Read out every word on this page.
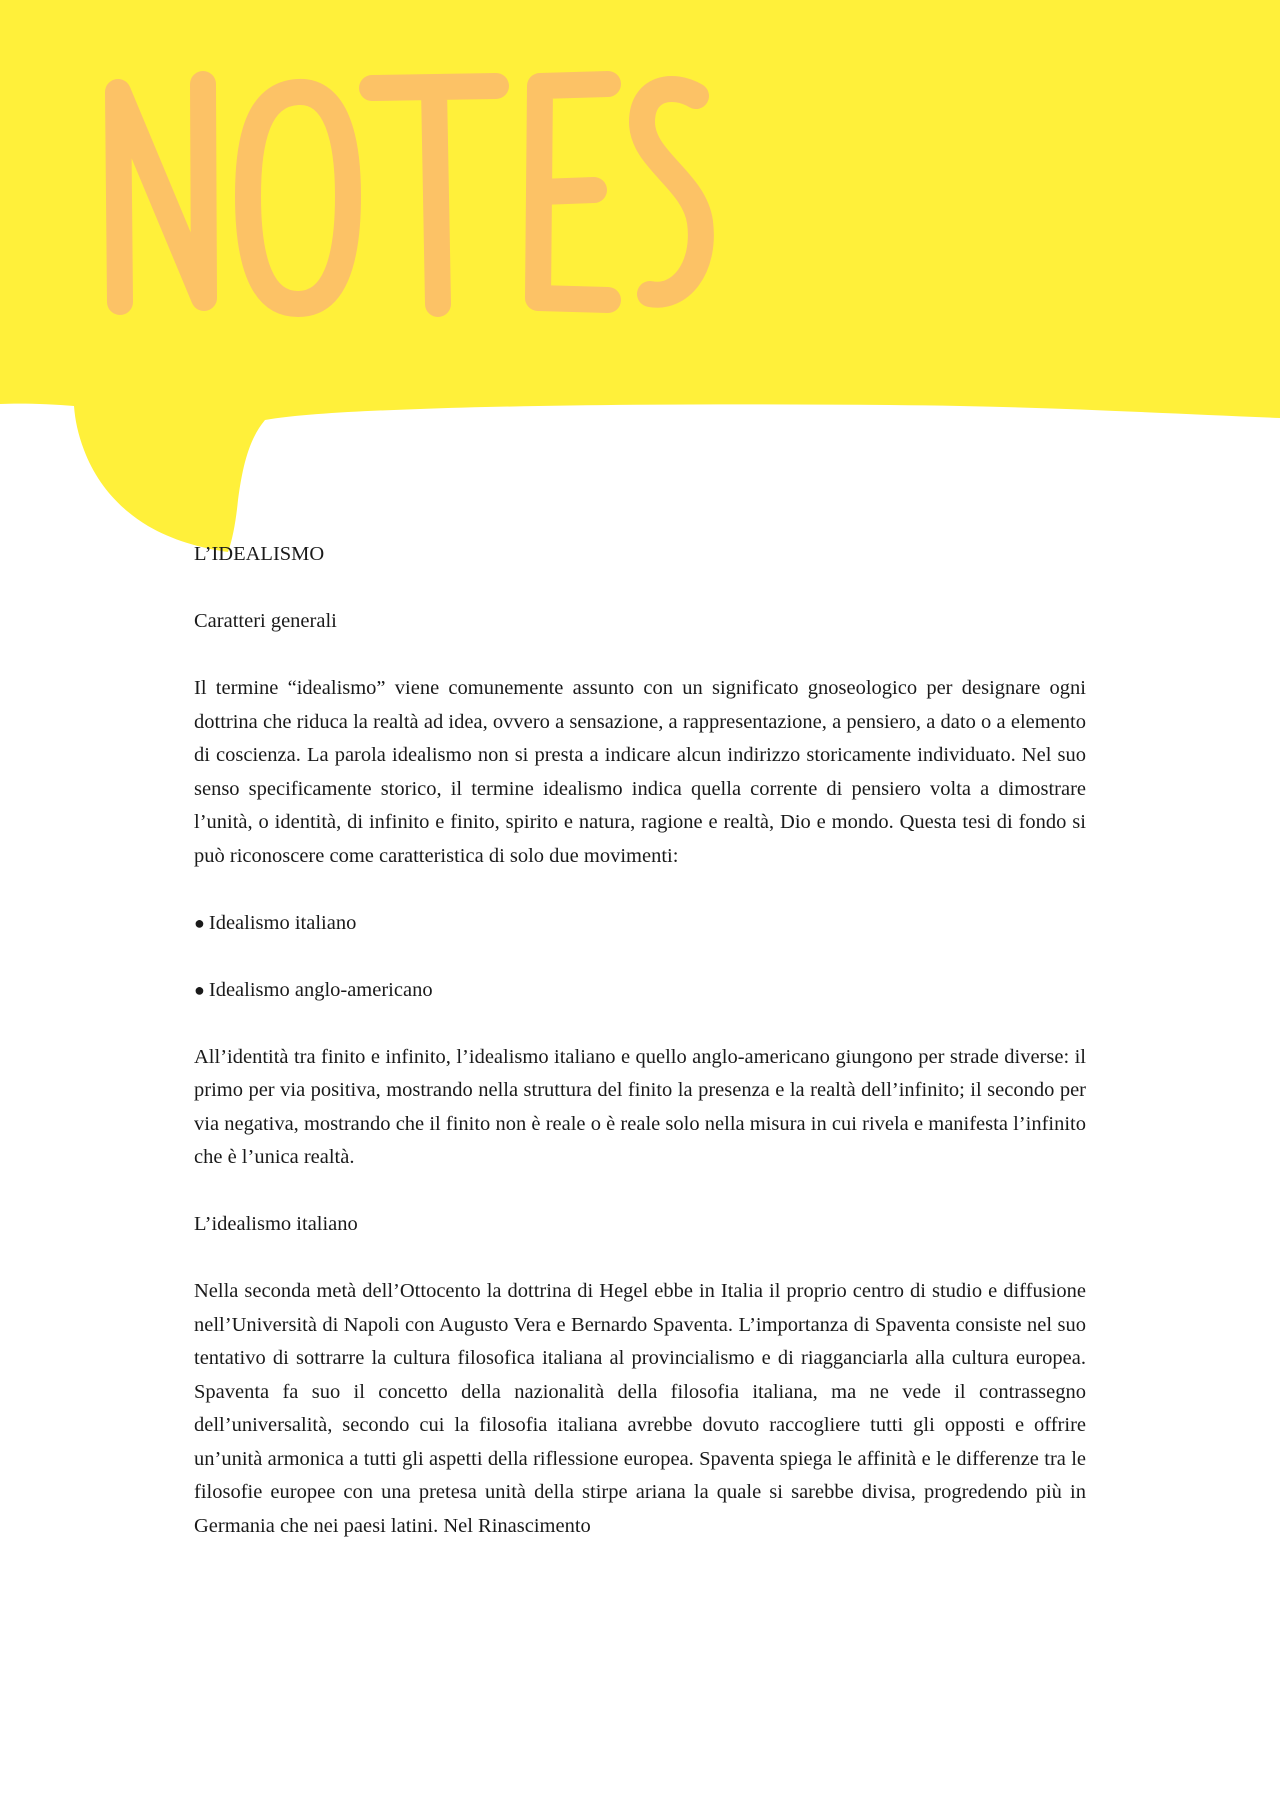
L’IDEALISMO

Caratteri generali

Il termine “idealismo” viene comunemente assunto con un significato gnoseologico per designare ogni dottrina che riduca la realtà ad idea, ovvero a sensazione, a rappresentazione, a pensiero, a dato o a elemento di coscienza. La parola idealismo non si presta a indicare alcun indirizzo storicamente individuato. Nel suo senso specificamente storico, il termine idealismo indica quella corrente di pensiero volta a dimostrare l’unità, o identità, di infinito e finito, spirito e natura, ragione e realtà, Dio e mondo. Questa tesi di fondo si può riconoscere come caratteristica di solo due movimenti:

● Idealismo italiano

● Idealismo anglo-americano

All’identità tra finito e infinito, l’idealismo italiano e quello anglo-americano giungono per strade diverse: il primo per via positiva, mostrando nella struttura del finito la presenza e la realtà dell’infinito; il secondo per via negativa, mostrando che il finito non è reale o è reale solo nella misura in cui rivela e manifesta l’infinito che è l’unica realtà.

L’idealismo italiano

Nella seconda metà dell’Ottocento la dottrina di Hegel ebbe in Italia il proprio centro di studio e diffusione nell’Università di Napoli con Augusto Vera e Bernardo Spaventa. L’importanza di Spaventa consiste nel suo tentativo di sottrarre la cultura filosofica italiana al provincialismo e di riagganciarla alla cultura europea. Spaventa fa suo il concetto della nazionalità della filosofia italiana, ma ne vede il contrassegno dell’universalità, secondo cui la filosofia italiana avrebbe dovuto raccogliere tutti gli opposti e offrire un’unità armonica a tutti gli aspetti della riflessione europea. Spaventa spiega le affinità e le differenze tra le filosofie europee con una pretesa unità della stirpe ariana la quale si sarebbe divisa, progredendo più in Germania che nei paesi latini. Nel Rinascimento
